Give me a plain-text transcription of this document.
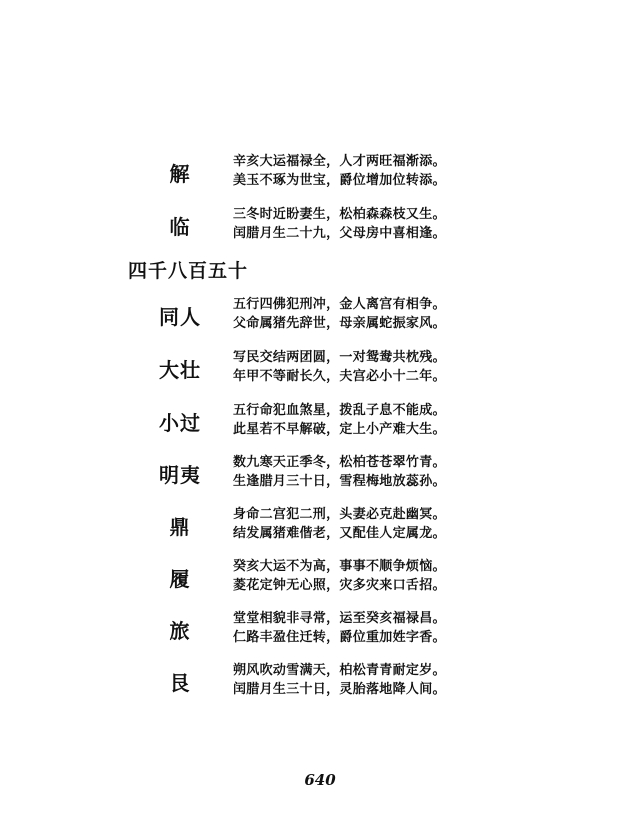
解	辛亥大运福禄全，人才两旺福渐添。
美玉不琢为世宝，爵位增加位转添。
临	三冬时近盼妻生，松柏森森枝又生。
闰腊月生二十九，父母房中喜相逢。
四千八百五十
同人	五行四佛犯刑冲，金人离宫有相争。
父命属猪先辞世，母亲属蛇振家风。
大壮	写民交结两团圆，一对鸳鸯共枕残。
年甲不等耐长久，夫宫必小十二年。
小过	五行命犯血煞星，拨乱子息不能成。
此星若不早解破，定上小产难大生。
明夷	数九寒天正季冬，松柏苍苍翠竹青。
生逢腊月三十日，雪程梅地放蕊孙。
鼎	身命二宫犯二刑，头妻必克赴幽冥。
结发属猪难偕老，又配佳人定属龙。
履	癸亥大运不为高，事事不顺争烦恼。
菱花定钟无心照，灾多灾来口舌招。
旅	堂堂相貌非寻常，运至癸亥福禄昌。
仁路丰盈住迁转，爵位重加姓字香。
艮	朔风吹动雪满天，柏松青青耐定岁。
闰腊月生三十日，灵胎落地降人间。
640
